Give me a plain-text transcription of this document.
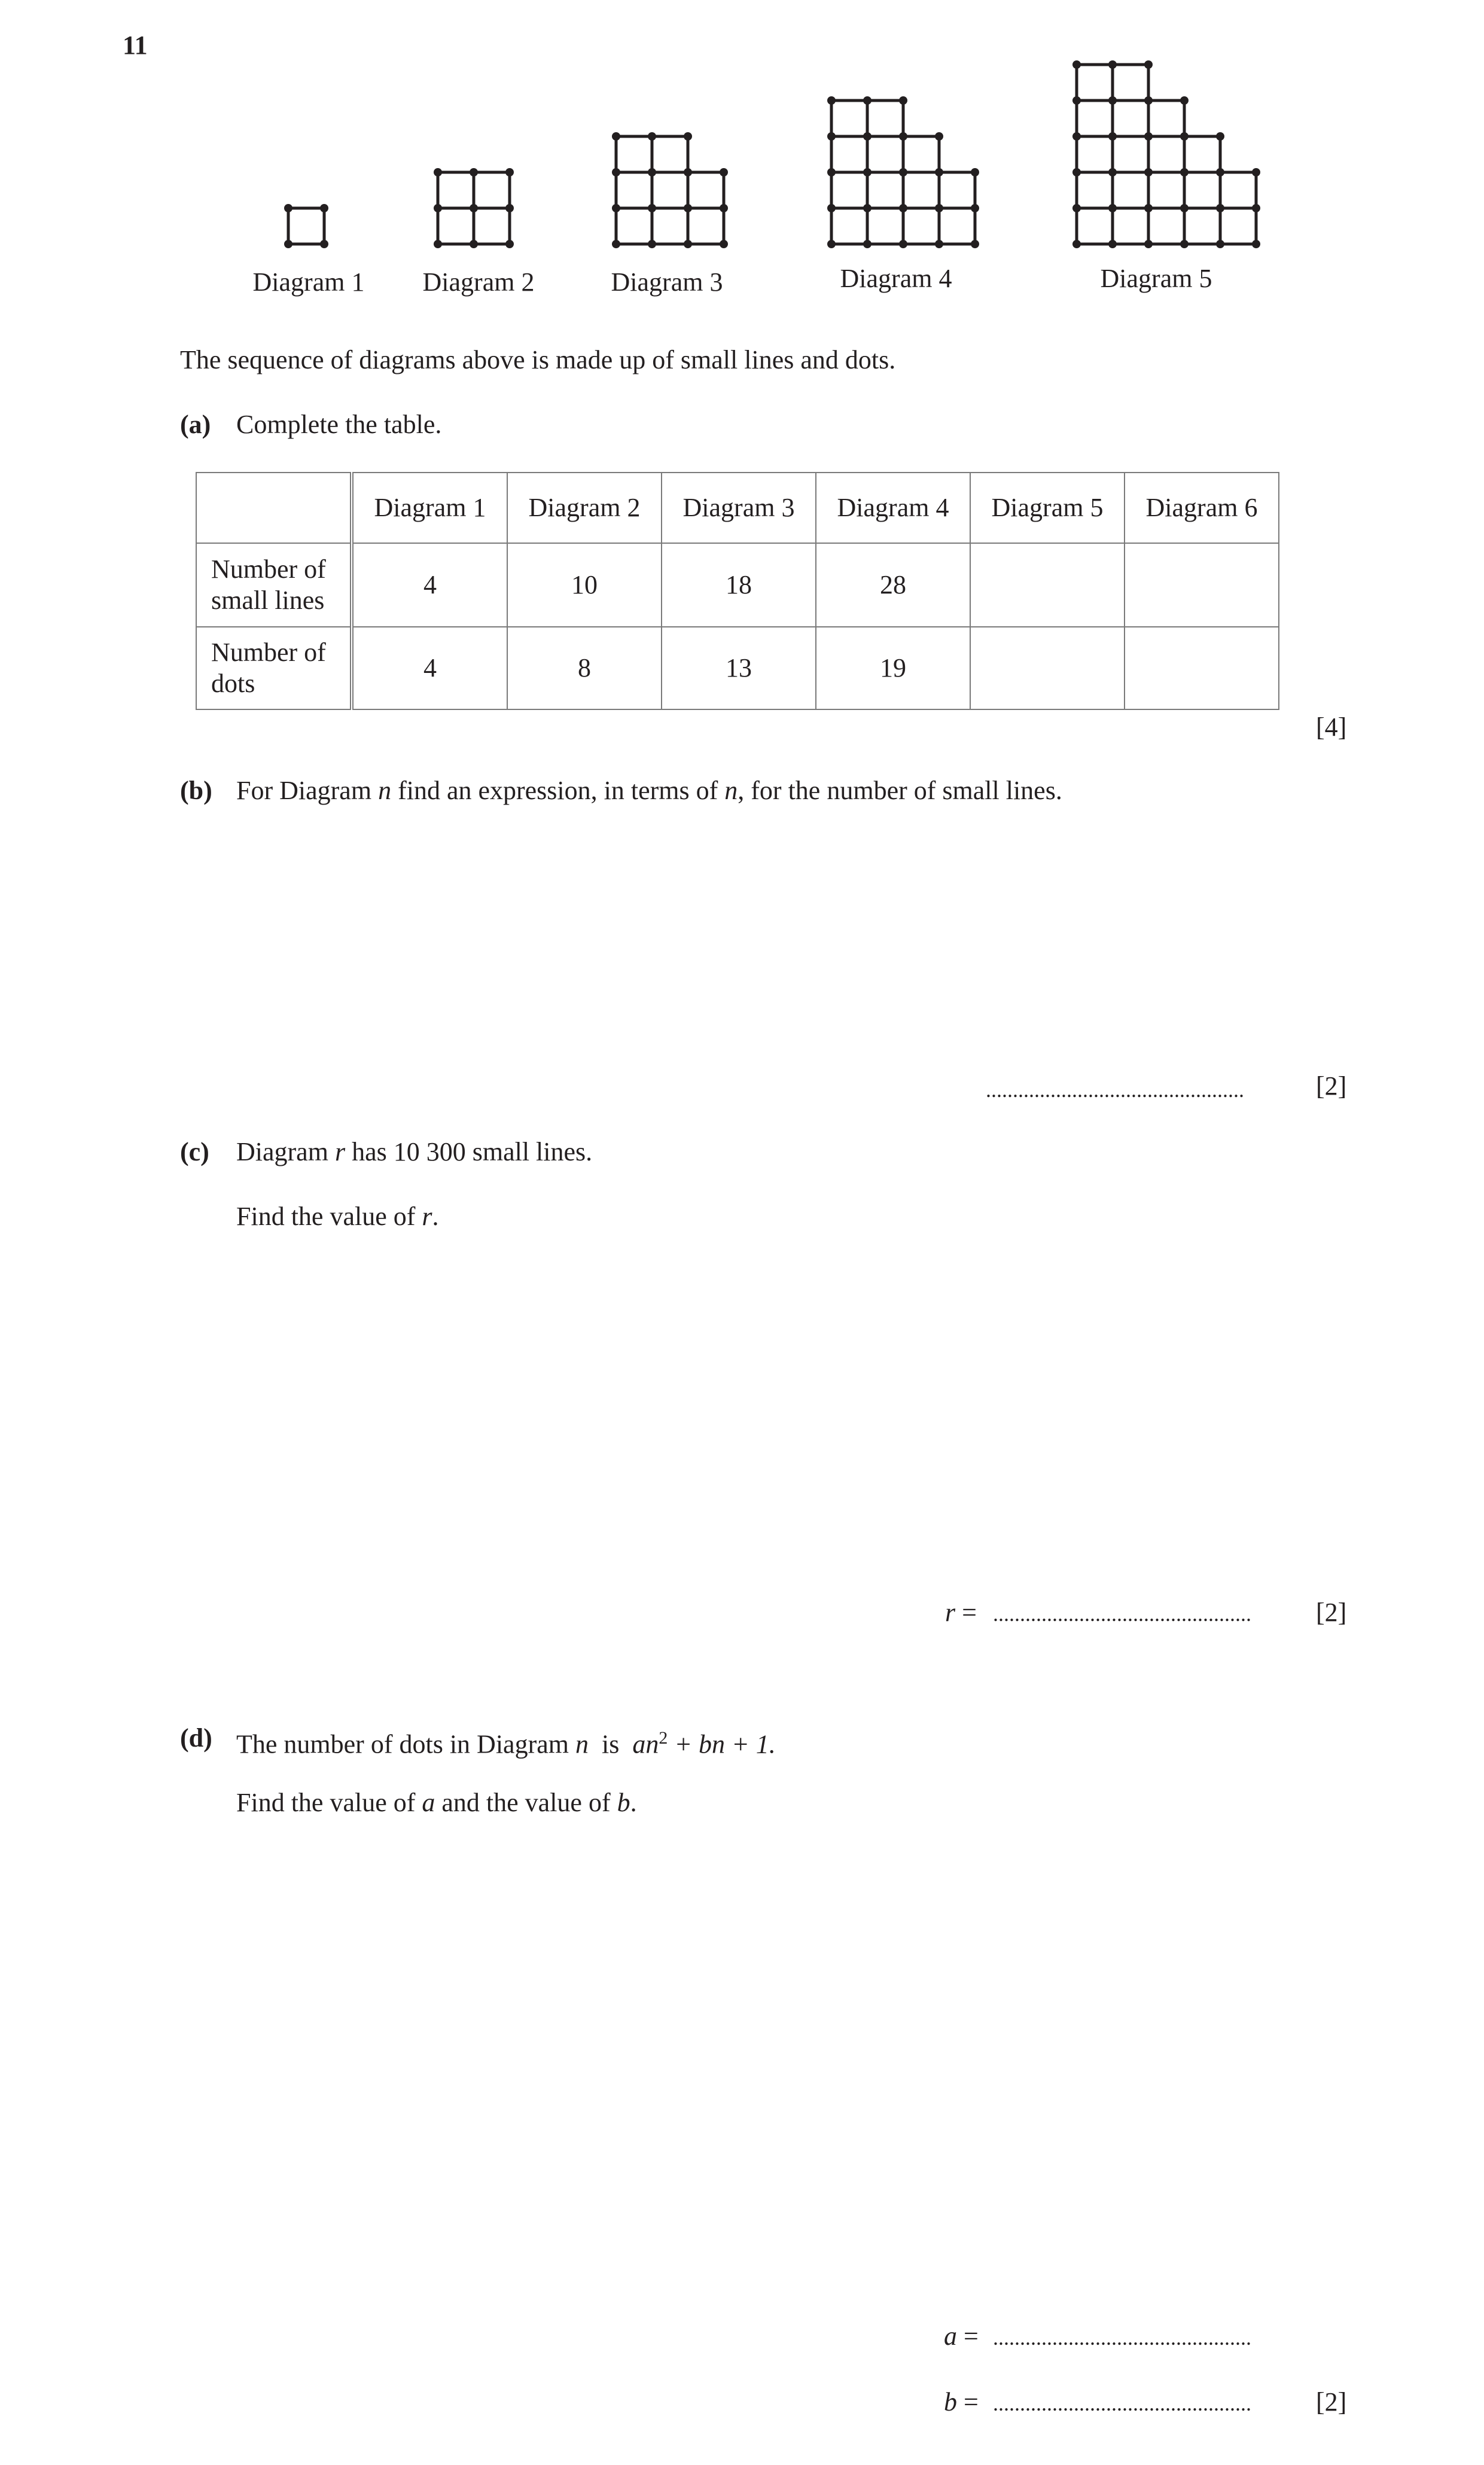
11
Diagram 1	Diagram 2	Diagram 3	Diagram 4	Diagram 5
The sequence of diagrams above is made up of small lines and dots.
(a) Complete the table.
	Diagram 1	Diagram 2	Diagram 3	Diagram 4	Diagram 5	Diagram 6

Number of
small lines	4	10	18	28		

Number of
dots	4	8	13	19		
[4]
(b) For Diagram n find an expression, in terms of n, for the number of small lines.
................................................	[2]
(c) Diagram r has 10 300 small lines.
Find the value of r.
r = ................................................ [2]
(d) The number of dots in Diagram n  is  $an^2$ + bn + 1.
Find the value of a and the value of b.
a = ................................................
b = ................................................ [2]
